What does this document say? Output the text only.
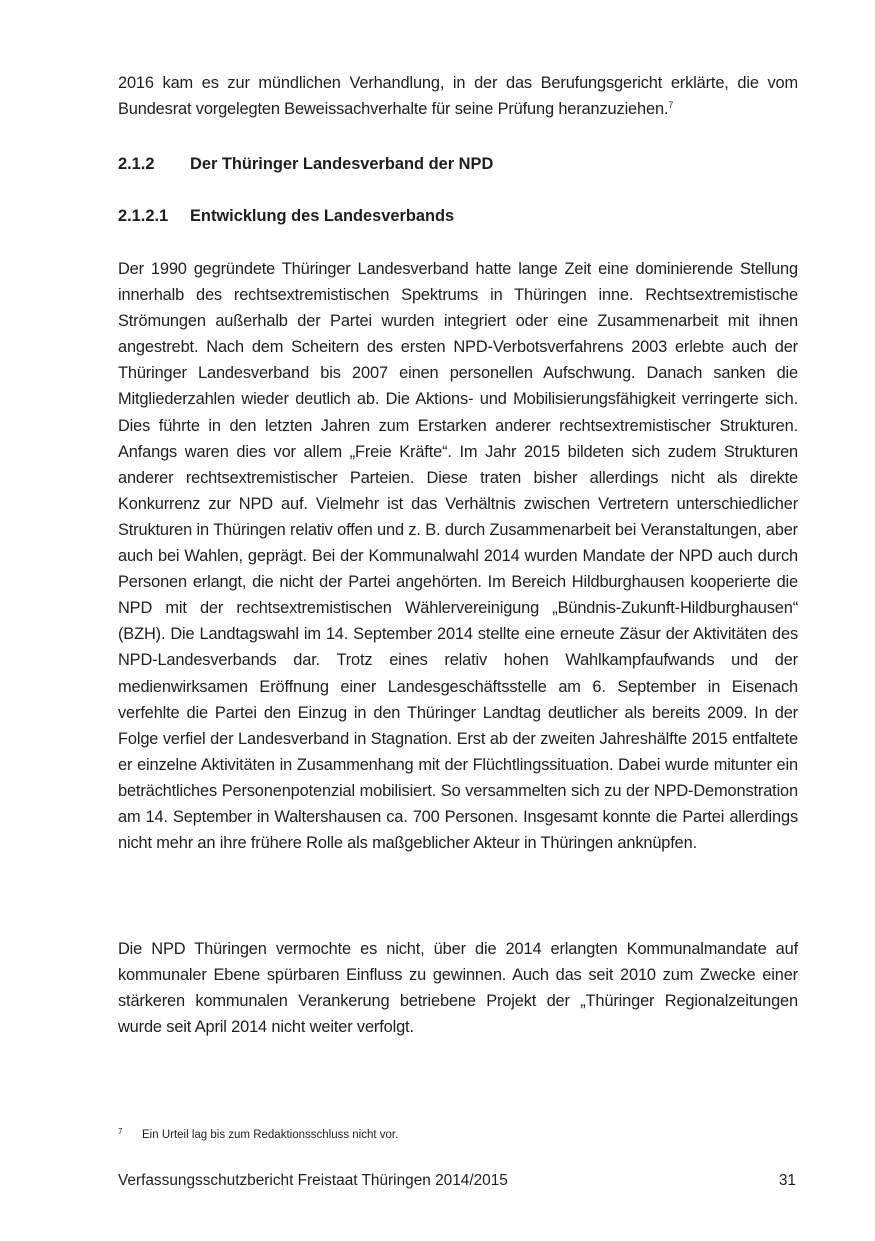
2016 kam es zur mündlichen Verhandlung, in der das Berufungsgericht erklärte, die vom Bundesrat vorgelegten Beweissachverhalte für seine Prüfung heranzuziehen.$^7$

2.1.2 Der Thüringer Landesverband der NPD
2.1.2.1 Entwicklung des Landesverbands

Der 1990 gegründete Thüringer Landesverband hatte lange Zeit eine dominierende Stellung innerhalb des rechtsextremistischen Spektrums in Thüringen inne. Rechtsextremistische Strömungen außerhalb der Partei wurden integriert oder eine Zusammenarbeit mit ihnen angestrebt. Nach dem Scheitern des ersten NPD-Verbotsverfahrens 2003 erlebte auch der Thüringer Landesverband bis 2007 einen personellen Aufschwung. Danach sanken die Mitgliederzahlen wieder deutlich ab. Die Aktions- und Mobilisierungsfähigkeit verringerte sich. Dies führte in den letzten Jahren zum Erstarken anderer rechtsextremistischer Strukturen. Anfangs waren dies vor allem „Freie Kräfte“. Im Jahr 2015 bildeten sich zudem Strukturen anderer rechtsextremistischer Parteien. Diese traten bisher allerdings nicht als direkte Konkurrenz zur NPD auf. Vielmehr ist das Verhältnis zwischen Vertretern unterschiedlicher Strukturen in Thüringen relativ offen und z. B. durch Zusammenarbeit bei Veranstaltungen, aber auch bei Wahlen, geprägt. Bei der Kommunalwahl 2014 wurden Mandate der NPD auch durch Personen erlangt, die nicht der Partei angehörten. Im Bereich Hildburghausen kooperierte die NPD mit der rechtsextremistischen Wählervereinigung „Bündnis-Zukunft-Hildburghausen“ (BZH). Die Landtagswahl im 14. September 2014 stellte eine erneute Zäsur der Aktivitäten des NPD-Landesverbands dar. Trotz eines relativ hohen Wahlkampfaufwands und der medienwirksamen Eröffnung einer Landesgeschäftsstelle am 6. September in Eisenach verfehlte die Partei den Einzug in den Thüringer Landtag deutlicher als bereits 2009. In der Folge verfiel der Landesverband in Stagnation. Erst ab der zweiten Jahreshälfte 2015 entfaltete er einzelne Aktivitäten in Zusammenhang mit der Flüchtlingssituation. Dabei wurde mitunter ein beträchtliches Personenpotenzial mobilisiert. So versammelten sich zu der NPD-Demonstration am 14. September in Waltershausen ca. 700 Personen. Insgesamt konnte die Partei allerdings nicht mehr an ihre frühere Rolle als maßgeblicher Akteur in Thüringen anknüpfen.

Die NPD Thüringen vermochte es nicht, über die 2014 erlangten Kommunalmandate auf kommunaler Ebene spürbaren Einfluss zu gewinnen. Auch das seit 2010 zum Zwecke einer stärkeren kommunalen Verankerung betriebene Projekt der „Thüringer Regionalzeitungen wurde seit April 2014 nicht weiter verfolgt.

7 Ein Urteil lag bis zum Redaktionsschluss nicht vor.
Verfassungsschutzbericht Freistaat Thüringen 2014/2015	31
